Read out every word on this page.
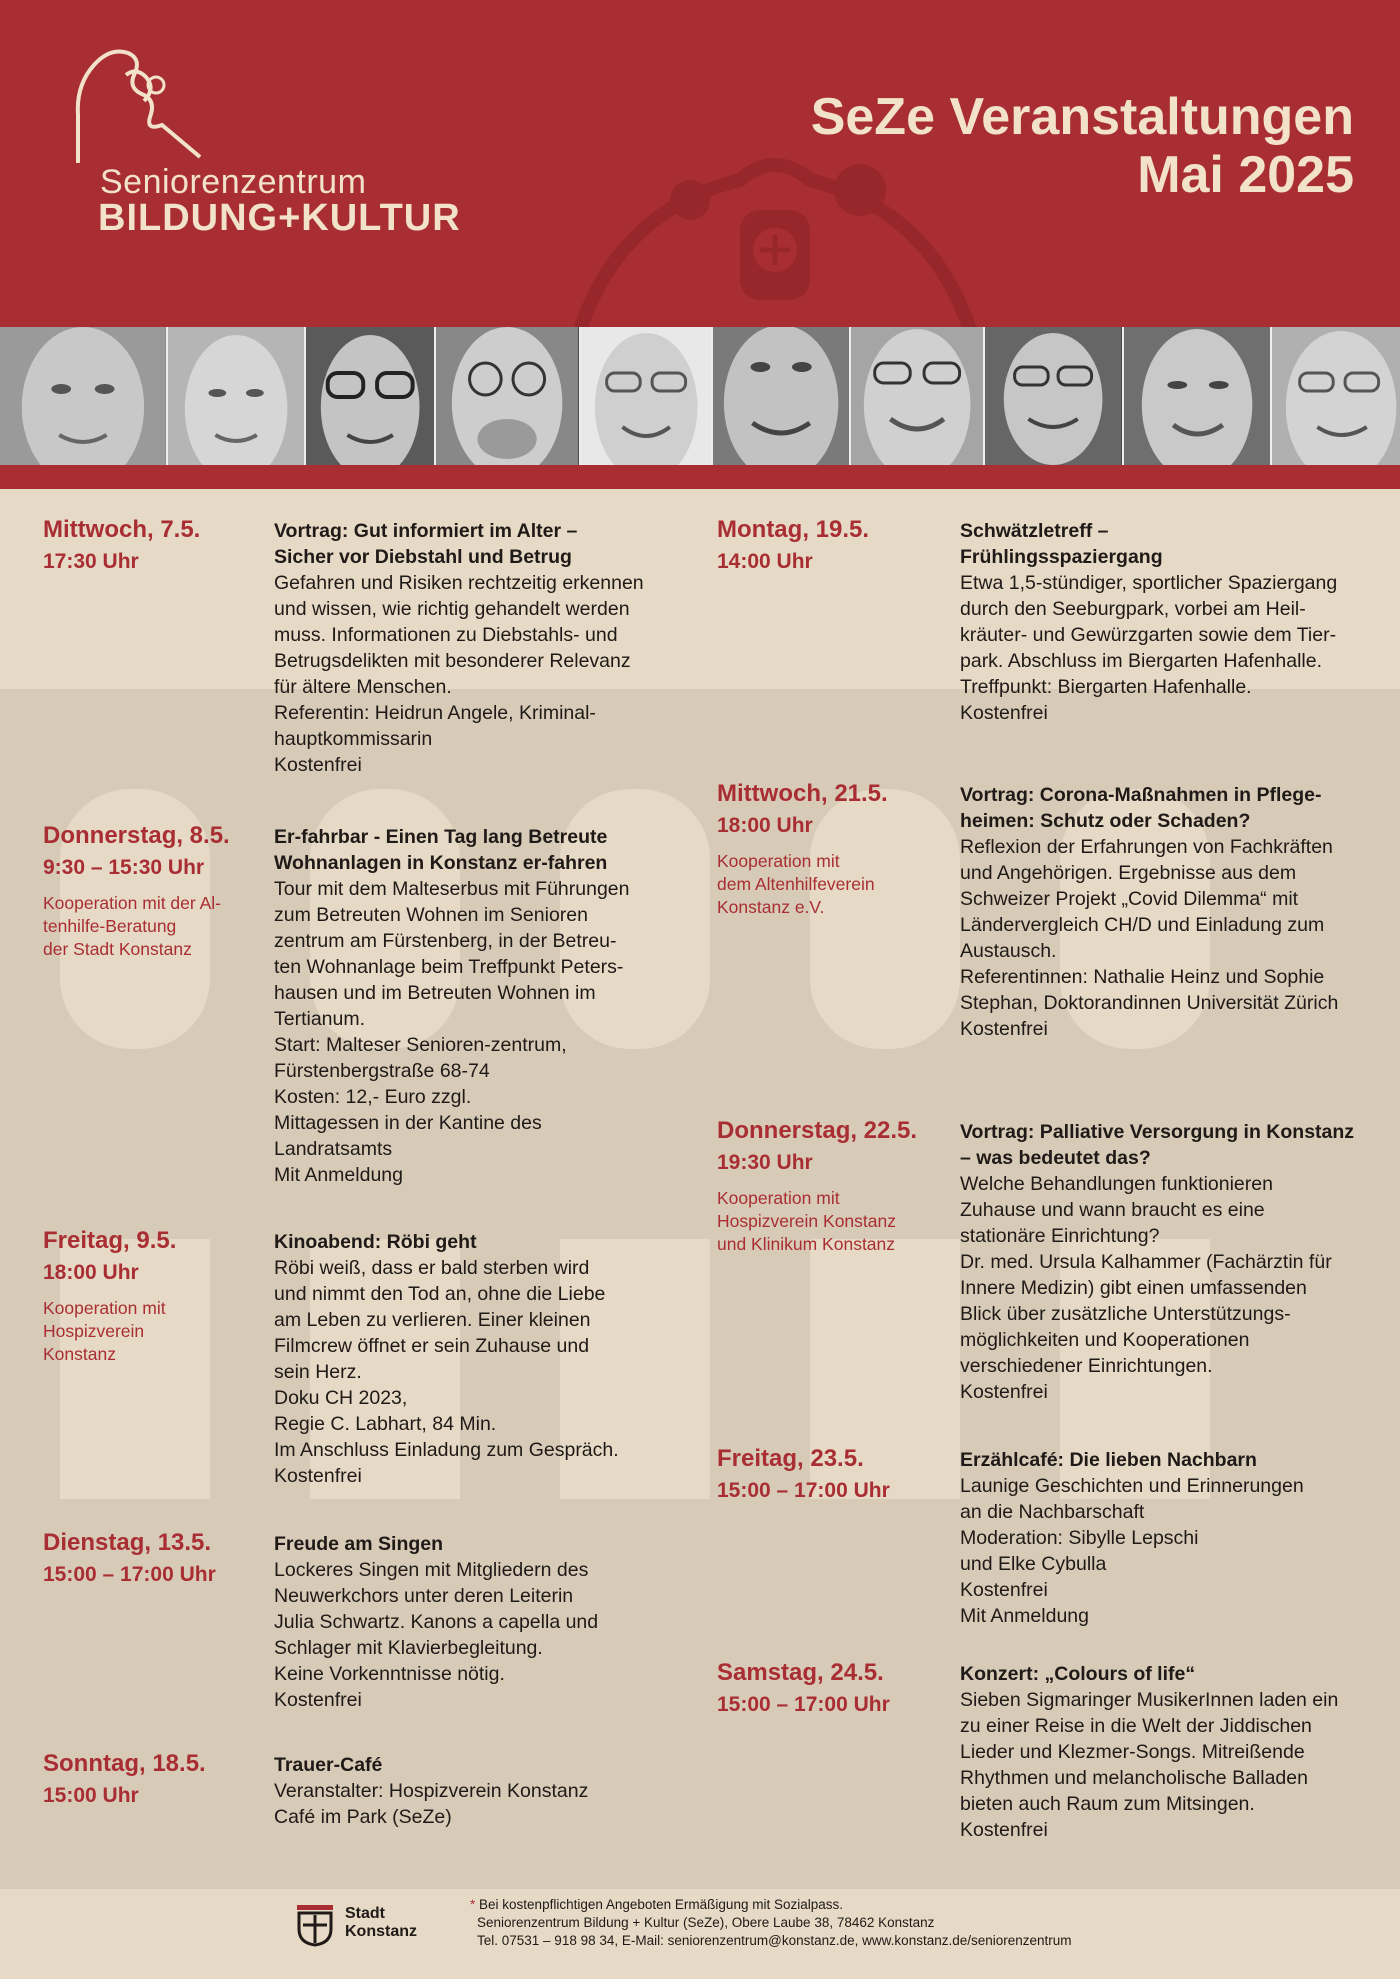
Seniorenzentrum
BILDUNG+KULTUR
SeZe Veranstaltungen
Mai 2025
Mittwoch, 7.5.
17:30 Uhr
Vortrag: Gut informiert im Alter –
Sicher vor Diebstahl und Betrug
Gefahren und Risiken rechtzeitig erkennen
und wissen, wie richtig gehandelt werden
muss. Informationen zu Diebstahls- und
Betrugsdelikten mit besonderer Relevanz
für ältere Menschen.
Referentin: Heidrun Angele, Kriminal-
hauptkommissarin
Kostenfrei
Donnerstag, 8.5.
9:30 – 15:30 Uhr
Kooperation mit der Al-
tenhilfe-Beratung
der Stadt Konstanz
Er-fahrbar - Einen Tag lang Betreute
Wohnanlagen in Konstanz er-fahren
Tour mit dem Malteserbus mit Führungen
zum Betreuten Wohnen im Senioren
zentrum am Fürstenberg, in der Betreu-
ten Wohnanlage beim Treffpunkt Peters-
hausen und im Betreuten Wohnen im
Tertianum.
Start: Malteser Senioren-zentrum,
Fürstenbergstraße 68-74
Kosten: 12,- Euro zzgl.
Mittagessen in der Kantine des
Landratsamts
Mit Anmeldung
Freitag, 9.5.
18:00 Uhr
Kooperation mit
Hospizverein
Konstanz
Kinoabend: Röbi geht
Röbi weiß, dass er bald sterben wird
und nimmt den Tod an, ohne die Liebe
am Leben zu verlieren. Einer kleinen
Filmcrew öffnet er sein Zuhause und
sein Herz.
Doku CH 2023,
Regie C. Labhart, 84 Min.
Im Anschluss Einladung zum Gespräch.
Kostenfrei
Dienstag, 13.5.
15:00 – 17:00 Uhr
Freude am Singen
Lockeres Singen mit Mitgliedern des
Neuwerkchors unter deren Leiterin
Julia Schwartz. Kanons a capella und
Schlager mit Klavierbegleitung.
Keine Vorkenntnisse nötig.
Kostenfrei
Sonntag, 18.5.
15:00 Uhr
Trauer-Café
Veranstalter: Hospizverein Konstanz
Café im Park (SeZe)
Montag, 19.5.
14:00 Uhr
Schwätzletreff –
Frühlingsspaziergang
Etwa 1,5-stündiger, sportlicher Spaziergang
durch den Seeburgpark, vorbei am Heil-
kräuter- und Gewürzgarten sowie dem Tier-
park. Abschluss im Biergarten Hafenhalle.
Treffpunkt: Biergarten Hafenhalle.
Kostenfrei
Mittwoch, 21.5.
18:00 Uhr
Kooperation mit
dem Altenhilfeverein
Konstanz e.V.
Vortrag: Corona-Maßnahmen in Pflege-
heimen: Schutz oder Schaden?
Reflexion der Erfahrungen von Fachkräften
und Angehörigen. Ergebnisse aus dem
Schweizer Projekt „Covid Dilemma“ mit
Ländervergleich CH/D und Einladung zum
Austausch.
Referentinnen: Nathalie Heinz und Sophie
Stephan, Doktorandinnen Universität Zürich
Kostenfrei
Donnerstag, 22.5.
19:30 Uhr
Kooperation mit
Hospizverein Konstanz
und Klinikum Konstanz
Vortrag: Palliative Versorgung in Konstanz
– was bedeutet das?
Welche Behandlungen funktionieren
Zuhause und wann braucht es eine
stationäre Einrichtung?
Dr. med. Ursula Kalhammer (Fachärztin für
Innere Medizin) gibt einen umfassenden
Blick über zusätzliche Unterstützungs-
möglichkeiten und Kooperationen
verschiedener Einrichtungen.
Kostenfrei
Freitag, 23.5.
15:00 – 17:00 Uhr
Erzählcafé: Die lieben Nachbarn
Launige Geschichten und Erinnerungen
an die Nachbarschaft
Moderation: Sibylle Lepschi
und Elke Cybulla
Kostenfrei
Mit Anmeldung
Samstag, 24.5.
15:00 – 17:00 Uhr
Konzert: „Colours of life“
Sieben Sigmaringer MusikerInnen laden ein
zu einer Reise in die Welt der Jiddischen
Lieder und Klezmer-Songs. Mitreißende
Rhythmen und melancholische Balladen
bieten auch Raum zum Mitsingen.
Kostenfrei
Stadt
Konstanz
* Bei kostenpflichtigen Angeboten Ermäßigung mit Sozialpass.
Seniorenzentrum Bildung + Kultur (SeZe), Obere Laube 38, 78462 Konstanz
Tel. 07531 – 918 98 34, E-Mail: seniorenzentrum@konstanz.de, www.konstanz.de/seniorenzentrum
